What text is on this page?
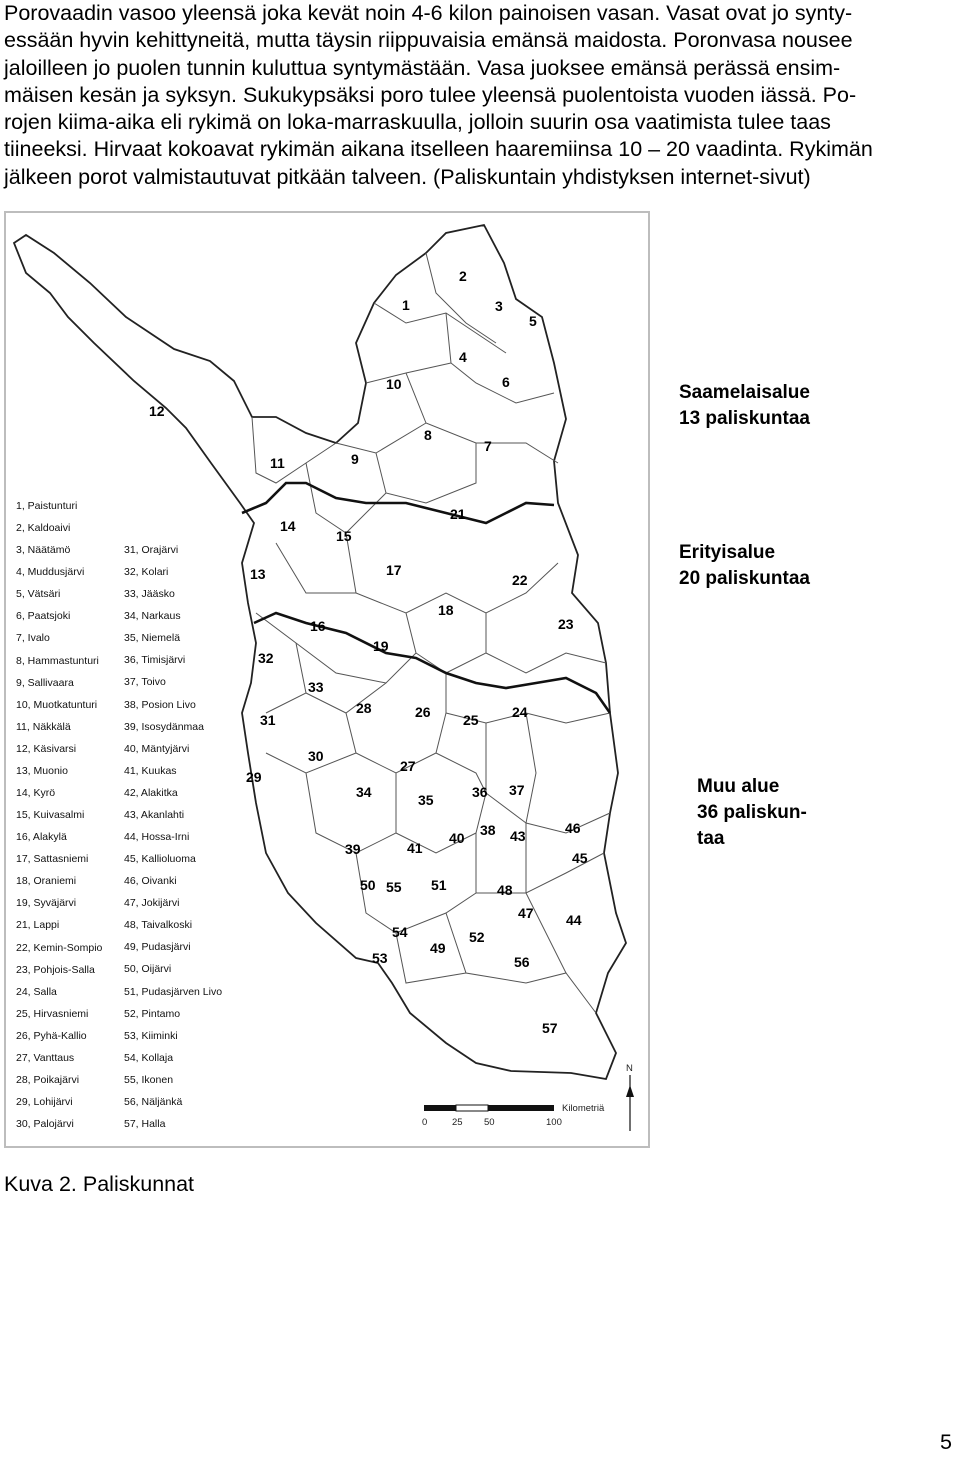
Porovaadin vasoo yleensä joka kevät noin 4-6 kilon painoisen vasan. Vasat ovat jo synty-
essään hyvin kehittyneitä, mutta täysin riippuvaisia emänsä maidosta. Poronvasa nousee
jaloilleen jo puolen tunnin kuluttua syntymästään. Vasa juoksee emänsä perässä ensim-
mäisen kesän ja syksyn. Sukukypsäksi poro tulee yleensä puolentoista vuoden iässä. Po-
rojen kiima-aika eli rykimä on loka-marraskuulla, jolloin suurin osa vaatimista tulee taas
tiineeksi. Hirvaat kokoavat rykimän aikana itselleen haaremiinsa 10 – 20 vaadinta. Rykimän
jälkeen porot valmistautuvat pitkään talveen. (Paliskuntain yhdistyksen internet-sivut)
1
2
3
4
5
6
7
8
9
10
11
12
13
14
15
16
17
18
19
21
22
23
24
25
26
27
28
29
30
31
32
33
34	35	36 37
38
39
40
41
43
44
45
46
47
48
49
50	51
52
53
54
55
56
57
0	25 50	100
Kilometriä
N
1, Paistunturi
2, Kaldoaivi
3, Näätämö
4, Muddusjärvi
5, Vätsäri
6, Paatsjoki
7, Ivalo
8, Hammastunturi
9, Sallivaara
10, Muotkatunturi
11, Näkkälä
12, Käsivarsi
13, Muonio
14, Kyrö
15, Kuivasalmi
16, Alakylä
17, Sattasniemi
18, Oraniemi
19, Syväjärvi
21, Lappi
22, Kemin-Sompio
23, Pohjois-Salla
24, Salla
25, Hirvasniemi
26, Pyhä-Kallio
27, Vanttaus
28, Poikajärvi
29, Lohijärvi
30, Palojärvi
31, Orajärvi
32, Kolari
33, Jääsko
34, Narkaus
35, Niemelä
36, Timisjärvi
37, Toivo
38, Posion Livo
39, Isosydänmaa
40, Mäntyjärvi
41, Kuukas
42, Alakitka
43, Akanlahti
44, Hossa-Irni
45, Kallioluoma
46, Oivanki
47, Jokijärvi
48, Taivalkoski
49, Pudasjärvi
50, Oijärvi
51, Pudasjärven Livo
52, Pintamo
53, Kiiminki
54, Kollaja
55, Ikonen
56, Näljänkä
57, Halla
Saamelaisalue
13 paliskuntaa
Erityisalue
20 paliskuntaa
Muu alue
36 paliskun-
taa
Kuva 2. Paliskunnat
5
